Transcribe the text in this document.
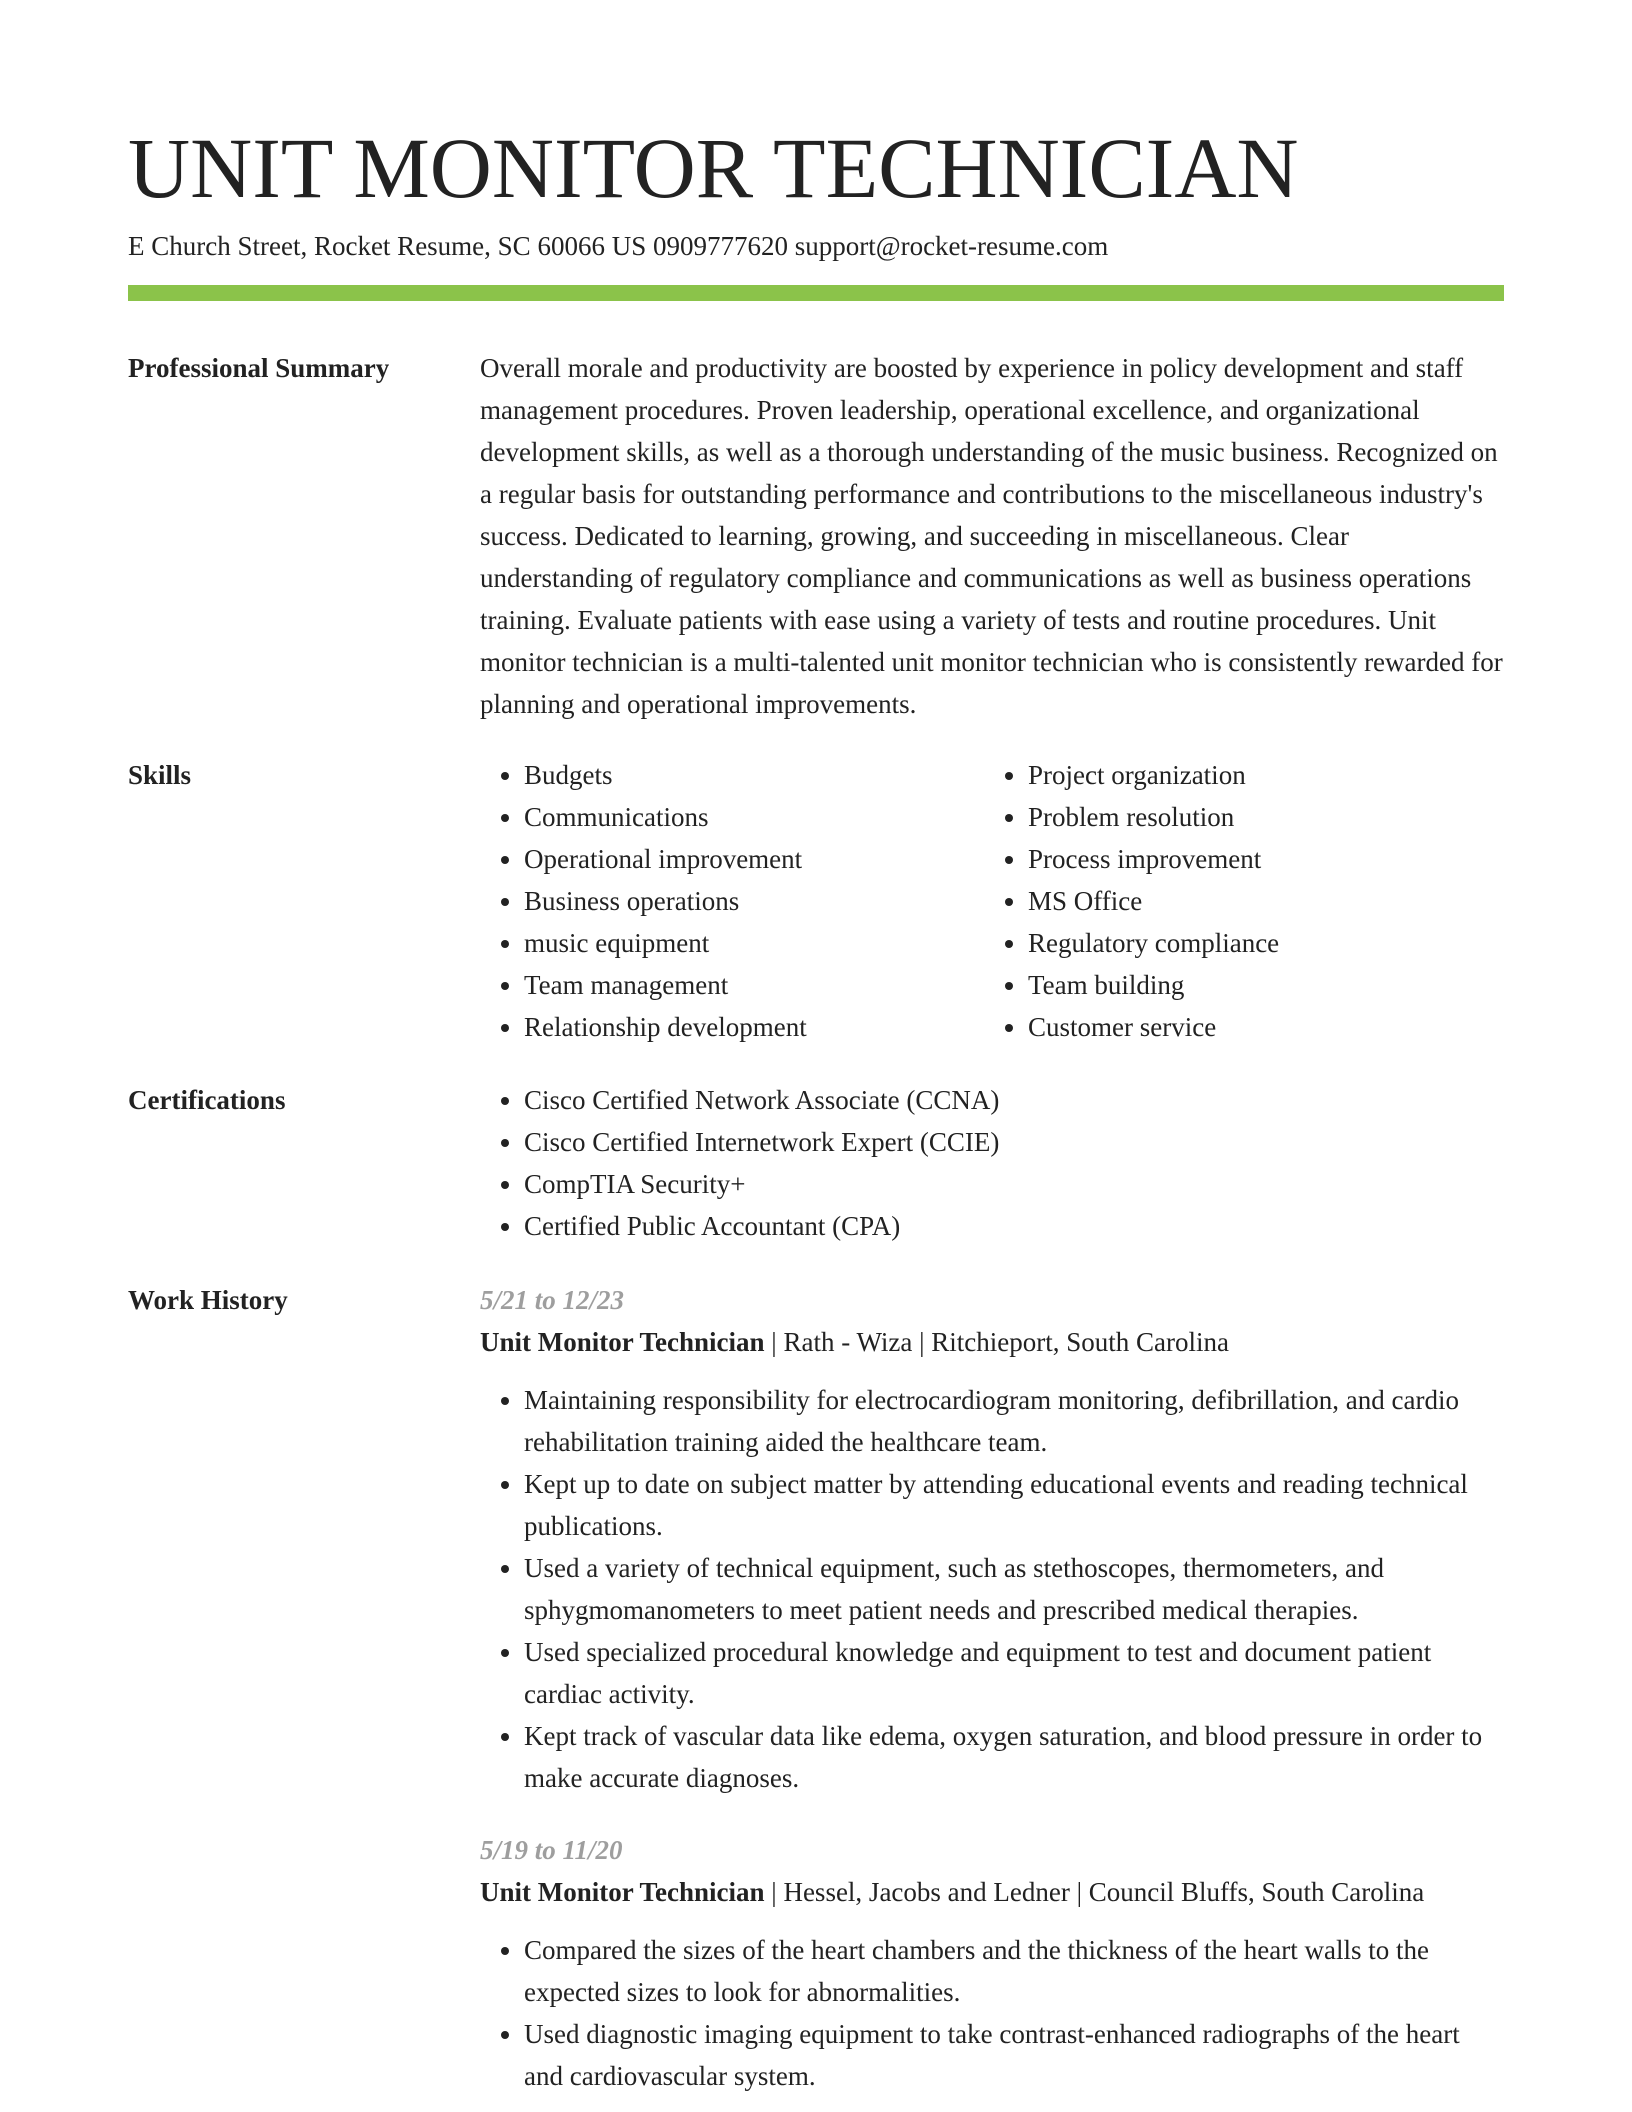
UNIT MONITOR TECHNICIAN
E Church Street, Rocket Resume, SC 60066 US 0909777620 support@rocket-resume.com
Professional Summary	Overall morale and productivity are boosted by experience in policy development and staff management procedures. Proven leadership, operational excellence, and organizational development skills, as well as a thorough understanding of the music business. Recognized on a regular basis for outstanding performance and contributions to the miscellaneous industry's success. Dedicated to learning, growing, and succeeding in miscellaneous. Clear understanding of regulatory compliance and communications as well as business operations training. Evaluate patients with ease using a variety of tests and routine procedures. Unit monitor technician is a multi-talented unit monitor technician who is consistently rewarded for planning and operational improvements.

Skills	• Budgets
• Communications
• Operational improvement
• Business operations
• music equipment
• Team management
• Relationship development
• Project organization
• Problem resolution
• Process improvement
• MS Office
• Regulatory compliance
• Team building
• Customer service
Certifications	• Cisco Certified Network Associate (CCNA)
• Cisco Certified Internetwork Expert (CCIE)
• CompTIA Security+
• Certified Public Accountant (CPA)
Work History	5/21 to 12/23

Unit Monitor Technician | Rath - Wiza | Ritchieport, South Carolina

• Maintaining responsibility for electrocardiogram monitoring, defibrillation, and cardio rehabilitation training aided the healthcare team.
• Kept up to date on subject matter by attending educational events and reading technical publications.
• Used a variety of technical equipment, such as stethoscopes, thermometers, and sphygmomanometers to meet patient needs and prescribed medical therapies.
• Used specialized procedural knowledge and equipment to test and document patient cardiac activity.
• Kept track of vascular data like edema, oxygen saturation, and blood pressure in order to make accurate diagnoses.
5/19 to 11/20

Unit Monitor Technician | Hessel, Jacobs and Ledner | Council Bluffs, South Carolina

• Compared the sizes of the heart chambers and the thickness of the heart walls to the expected sizes to look for abnormalities.
• Used diagnostic imaging equipment to take contrast-enhanced radiographs of the heart and cardiovascular system.
